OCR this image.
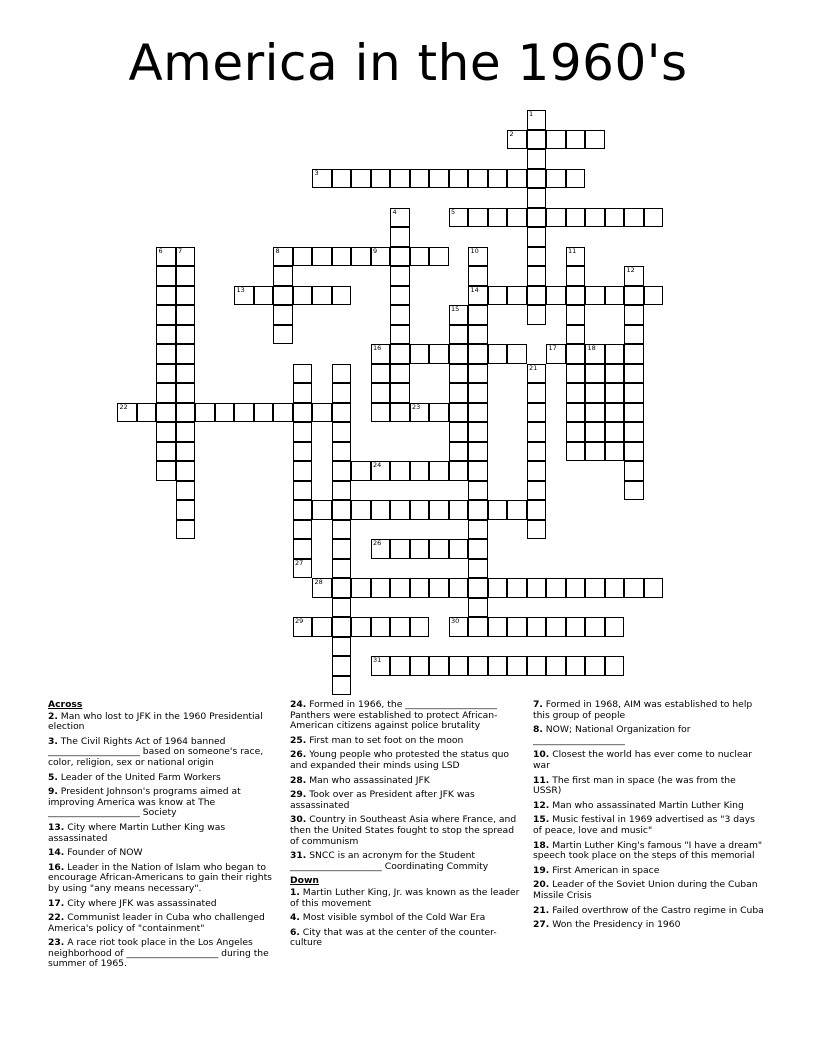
America in the 1960's
1
2
3
4	5
6 7	8	9	10	11
12
13	14
15
16	17	18
21
22	23
24
26
27
28
29	30
31
Across
2. Man who lost to JFK in the 1960 Presidential election
3. The Civil Rights Act of 1964 banned ____________________ based on someone's race, color, religion, sex or national origin
5. Leader of the United Farm Workers
9. President Johnson's programs aimed at improving America was know at The ____________________ Society
13. City where Martin Luther King was assassinated
14. Founder of NOW
16. Leader in the Nation of Islam who began to encourage African-Americans to gain their rights by using "any means necessary".
17. City where JFK was assassinated
22. Communist leader in Cuba who challenged America's policy of "containment"
23. A race riot took place in the Los Angeles neighborhood of ____________________ during the summer of 1965.
24. Formed in 1966, the ____________________ Panthers were established to protect African-American citizens against police brutality
25. First man to set foot on the moon
26. Young people who protested the status quo and expanded their minds using LSD
28. Man who assassinated JFK
29. Took over as President after JFK was assassinated
30. Country in Southeast Asia where France, and then the United States fought to stop the spread of communism
31. SNCC is an acronym for the Student ____________________ Coordinating Commity
Down
1. Martin Luther King, Jr. was known as the leader of this movement
4. Most visible symbol of the Cold War Era
6. City that was at the center of the counter-culture
7. Formed in 1968, AIM was established to help this group of people
8. NOW; National Organization for ____________________
10. Closest the world has ever come to nuclear war
11. The first man in space (he was from the USSR)
12. Man who assassinated Martin Luther King
15. Music festival in 1969 advertised as "3 days of peace, love and music"
18. Martin Luther King's famous "I have a dream" speech took place on the steps of this memorial
19. First American in space
20. Leader of the Soviet Union during the Cuban Missile Crisis
21. Failed overthrow of the Castro regime in Cuba
27. Won the Presidency in 1960
